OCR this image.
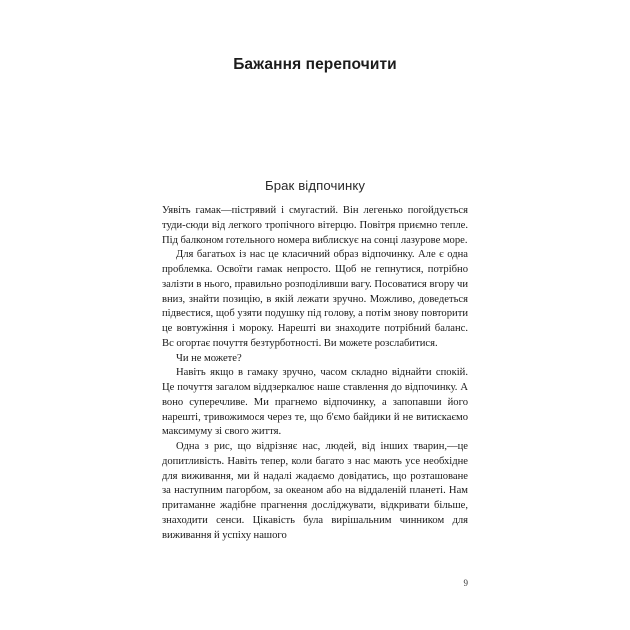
Бажання перепочити
Брак відпочинку

Уявіть гамак—пістрявий і смугастий. Він легенько погойдується туди-сюди від легкого тропічного вітерцю. Повітря приємно тепле. Під балконом готельного номера виблискує на сонці лазурове море.

Для багатьох із нас це класичний образ відпочинку. Але є одна проблемка. Освоїти гамак непросто. Щоб не гепнутися, потрібно залізти в нього, правильно розподіливши вагу. Посоватися вгору чи вниз, знайти позицію, в якій лежати зручно. Можливо, доведеться підвестися, щоб узяти подушку під голову, а потім знову повторити це вовтужіння і мороку. Нарешті ви знаходите потрібний баланс. Вс огортає почуття безтурботності. Ви можете розслабитися.

Чи не можете?

Навіть якщо в гамаку зручно, часом складно віднайти спокій. Це почуття загалом віддзеркалює наше ставлення до відпочинку. А воно суперечливе. Ми прагнемо відпочинку, а запопавши його нарешті, тривожимося через те, що б'ємо байдики й не витискаємо максимуму зі свого життя.

Одна з рис, що відрізняє нас, людей, від інших тварин,—це допитливість. Навіть тепер, коли багато з нас мають усе необхідне для виживання, ми й надалі жадаємо довідатись, що розташоване за наступним пагорбом, за океаном або на віддаленій планеті. Нам притаманне жадібне прагнення досліджувати, відкривати більше, знаходити сенси. Цікавість була вирішальним чинником для виживання й успіху нашого

9
